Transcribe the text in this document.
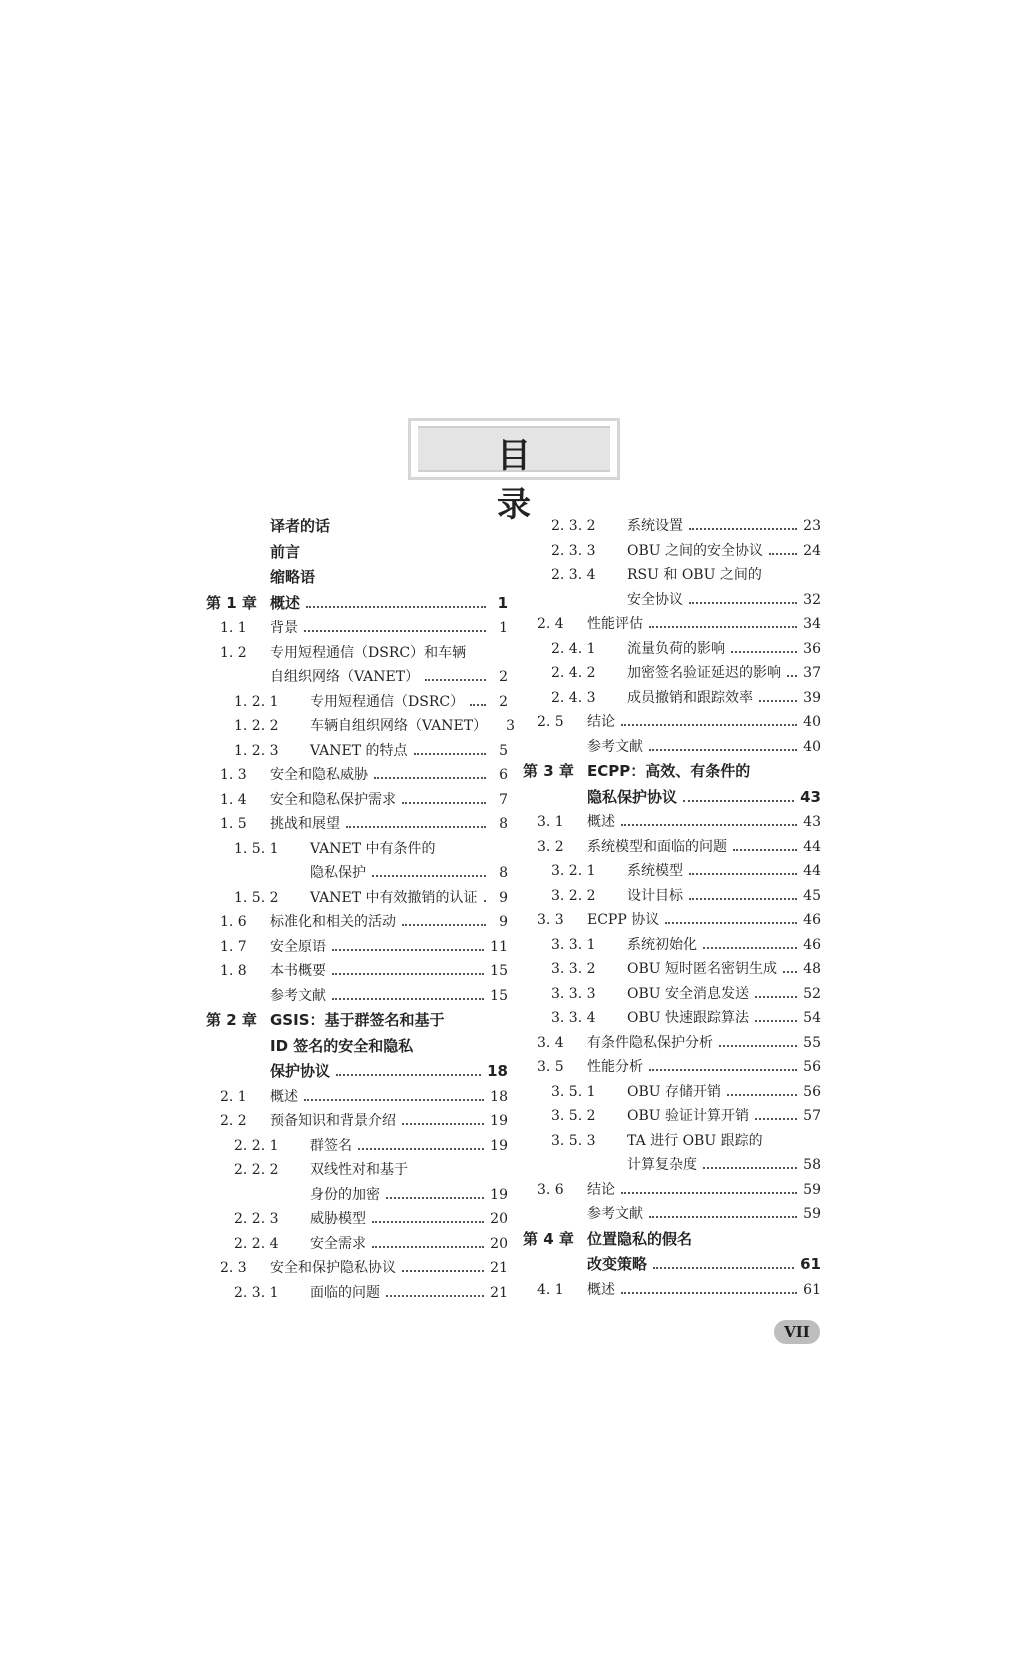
目 录
译者的话
前言
缩略语
第 1 章 概述	1
1. 1	背景	1
1. 2	专用短程通信（DSRC）和车辆
自组织网络（VANET）	2
1. 2. 1	专用短程通信（DSRC）	2
1. 2. 2	车辆自组织网络（VANET）	3
1. 2. 3	VANET 的特点	5
1. 3	安全和隐私威胁	6
1. 4	安全和隐私保护需求	7
1. 5	挑战和展望	8
1. 5. 1	VANET 中有条件的
隐私保护	8
1. 5. 2	VANET 中有效撤销的认证	9
1. 6	标准化和相关的活动	9
1. 7	安全原语	11
1. 8	本书概要	15
参考文献	15
第 2 章 GSIS：基于群签名和基于
ID 签名的安全和隐私
保护协议	18
2. 1	概述	18
2. 2	预备知识和背景介绍	19
2. 2. 1	群签名	19
2. 2. 2	双线性对和基于
身份的加密	19
2. 2. 3	威胁模型	20
2. 2. 4	安全需求	20
2. 3	安全和保护隐私协议	21
2. 3. 1	面临的问题	21
2. 3. 2	系统设置	23
2. 3. 3	OBU 之间的安全协议	24
2. 3. 4	RSU 和 OBU 之间的
安全协议	32
2. 4	性能评估	34
2. 4. 1	流量负荷的影响	36
2. 4. 2	加密签名验证延迟的影响 37
2. 4. 3	成员撤销和跟踪效率	39
2. 5	结论	40
参考文献	40
第 3 章 ECPP：高效、有条件的
隐私保护协议	43
3. 1	概述	43
3. 2	系统模型和面临的问题	44
3. 2. 1	系统模型	44
3. 2. 2	设计目标	45
3. 3	ECPP 协议	46
3. 3. 1	系统初始化	46
3. 3. 2	OBU 短时匿名密钥生成 48
3. 3. 3	OBU 安全消息发送	52
3. 3. 4	OBU 快速跟踪算法	54
3. 4	有条件隐私保护分析	55
3. 5	性能分析	56
3. 5. 1	OBU 存储开销	56
3. 5. 2	OBU 验证计算开销	57
3. 5. 3	TA 进行 OBU 跟踪的
计算复杂度	58
3. 6	结论	59
参考文献	59
第 4 章 位置隐私的假名
改变策略	61
4. 1	概述	61
VII
